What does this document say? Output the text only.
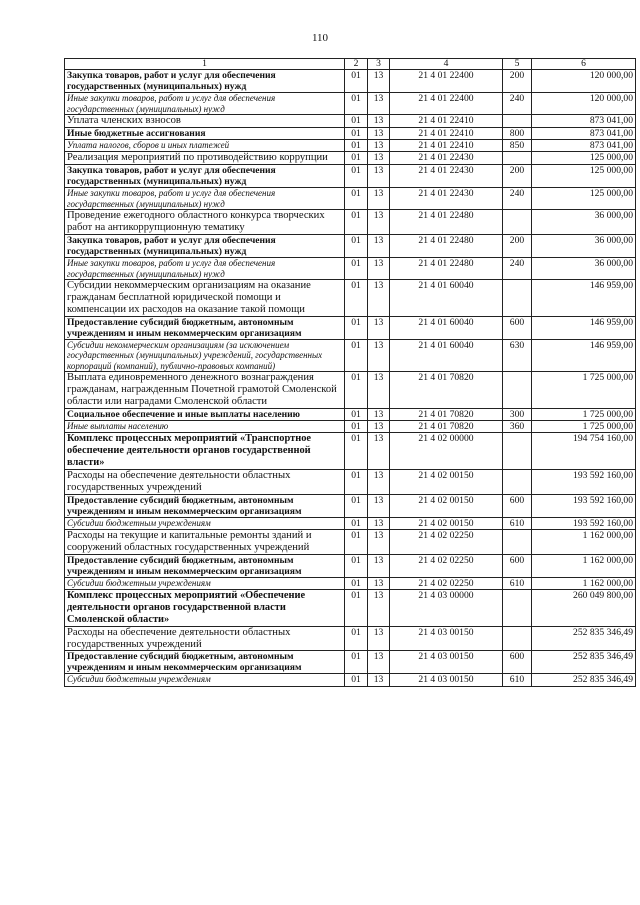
110
1	2	3	4	5	6
Закупка товаров, работ и услуг для обеспечения государственных (муниципальных) нужд	01	13	21 4 01 22400	200	120 000,00
Иные закупки товаров, работ и услуг для обеспечения государственных (муниципальных) нужд	01	13	21 4 01 22400	240	120 000,00
Уплата членских взносов	01	13	21 4 01 22410		873 041,00
Иные бюджетные ассигнования	01	13	21 4 01 22410	800	873 041,00
Уплата налогов, сборов и иных платежей	01	13	21 4 01 22410	850	873 041,00
Реализация мероприятий по противодействию коррупции	01	13	21 4 01 22430		125 000,00
Закупка товаров, работ и услуг для обеспечения государственных (муниципальных) нужд	01	13	21 4 01 22430	200	125 000,00
Иные закупки товаров, работ и услуг для обеспечения государственных (муниципальных) нужд	01	13	21 4 01 22430	240	125 000,00
Проведение ежегодного областного конкурса творческих работ на антикоррупционную тематику	01	13	21 4 01 22480		36 000,00
Закупка товаров, работ и услуг для обеспечения государственных (муниципальных) нужд	01	13	21 4 01 22480	200	36 000,00
Иные закупки товаров, работ и услуг для обеспечения государственных (муниципальных) нужд	01	13	21 4 01 22480	240	36 000,00
Субсидии некоммерческим организациям на оказание гражданам бесплатной юридической помощи и компенсации их расходов на оказание такой помощи	01	13	21 4 01 60040		146 959,00
Предоставление субсидий бюджетным, автономным учреждениям и иным некоммерческим организациям	01	13	21 4 01 60040	600	146 959,00
Субсидии некоммерческим организациям (за исключением государственных (муниципальных) учреждений, государственных корпораций (компаний), публично-правовых компаний)	01	13	21 4 01 60040	630	146 959,00
Выплата единовременного денежного вознаграждения гражданам, награжденным Почетной грамотой Смоленской области или наградами Смоленской области	01	13	21 4 01 70820		1 725 000,00
Социальное обеспечение и иные выплаты населению	01	13	21 4 01 70820	300	1 725 000,00
Иные выплаты населению	01	13	21 4 01 70820	360	1 725 000,00
Комплекс процессных мероприятий «Транспортное обеспечение деятельности органов государственной власти»	01	13	21 4 02 00000		194 754 160,00
Расходы на обеспечение деятельности областных государственных учреждений	01	13	21 4 02 00150		193 592 160,00
Предоставление субсидий бюджетным, автономным учреждениям и иным некоммерческим организациям	01	13	21 4 02 00150	600	193 592 160,00
Субсидии бюджетным учреждениям	01	13	21 4 02 00150	610	193 592 160,00
Расходы на текущие и капитальные ремонты зданий и сооружений областных государственных учреждений	01	13	21 4 02 02250		1 162 000,00
Предоставление субсидий бюджетным, автономным учреждениям и иным некоммерческим организациям	01	13	21 4 02 02250	600	1 162 000,00
Субсидии бюджетным учреждениям	01	13	21 4 02 02250	610	1 162 000,00
Комплекс процессных мероприятий «Обеспечение деятельности органов государственной власти Смоленской области»	01	13	21 4 03 00000		260 049 800,00
Расходы на обеспечение деятельности областных государственных учреждений	01	13	21 4 03 00150		252 835 346,49
Предоставление субсидий бюджетным, автономным учреждениям и иным некоммерческим организациям	01	13	21 4 03 00150	600	252 835 346,49
Субсидии бюджетным учреждениям	01	13	21 4 03 00150	610	252 835 346,49
